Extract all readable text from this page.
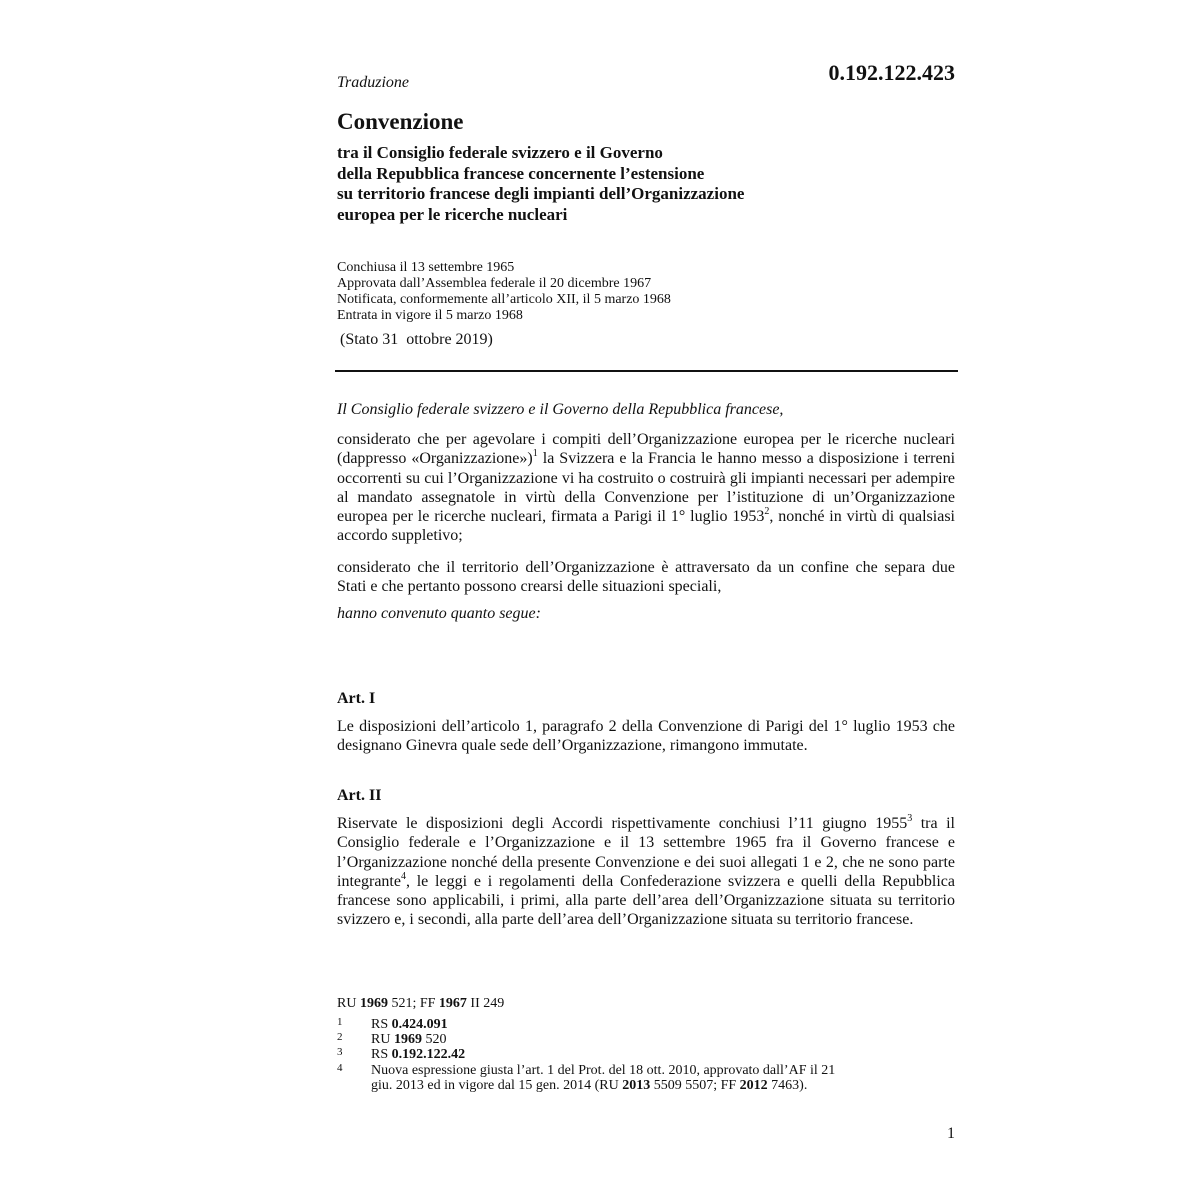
Traduzione	0.192.122.423
Convenzione
tra il Consiglio federale svizzero e il Governo
della Repubblica francese concernente l’estensione
su territorio francese degli impianti dell’Organizzazione
europea per le ricerche nucleari
Conchiusa il 13 settembre 1965
Approvata dall’Assemblea federale il 20 dicembre 1967
Notificata, conformemente all’articolo XII, il 5 marzo 1968
Entrata in vigore il 5 marzo 1968
(Stato 31  ottobre 2019)
Il Consiglio federale svizzero e il Governo della Repubblica francese,
considerato che per agevolare i compiti dell’Organizzazione europea per le ricerche nucleari (dappresso «Organizzazione»)$^1$ la Svizzera e la Francia le hanno messo a disposizione i terreni occorrenti su cui l’Organizzazione vi ha costruito o costruirà gli impianti necessari per adempire al mandato assegnatole in virtù della Convenzione per l’istituzione di un’Organizzazione europea per le ricerche nucleari, firmata a Parigi il 1° luglio 1953$^2$, nonché in virtù di qualsiasi accordo suppletivo;
considerato che il territorio dell’Organizzazione è attraversato da un confine che separa due Stati e che pertanto possono crearsi delle situazioni speciali,
hanno convenuto quanto segue:
Art. I
Le disposizioni dell’articolo 1, paragrafo 2 della Convenzione di Parigi del 1° luglio 1953 che designano Ginevra quale sede dell’Organizzazione, rimangono immutate.
Art. II
Riservate le disposizioni degli Accordi rispettivamente conchiusi l’11 giugno 1955$^3$ tra il Consiglio federale e l’Organizzazione e il 13 settembre 1965 fra il Governo francese e l’Organizzazione nonché della presente Convenzione e dei suoi allegati 1 e 2, che ne sono parte integrante$^4$, le leggi e i regolamenti della Confederazione svizzera e quelli della Repubblica francese sono applicabili, i primi, alla parte dell’area dell’Organizzazione situata su territorio svizzero e, i secondi, alla parte dell’area dell’Organizzazione situata su territorio francese.
RU 1969 521; FF 1967 II 249
1 RS 0.424.091
2 RU 1969 520
3 RS 0.192.122.42
4 Nuova espressione giusta l’art. 1 del Prot. del 18 ott. 2010, approvato dall’AF il 21
giu. 2013 ed in vigore dal 15 gen. 2014 (RU 2013 5509 5507; FF 2012 7463).
1
